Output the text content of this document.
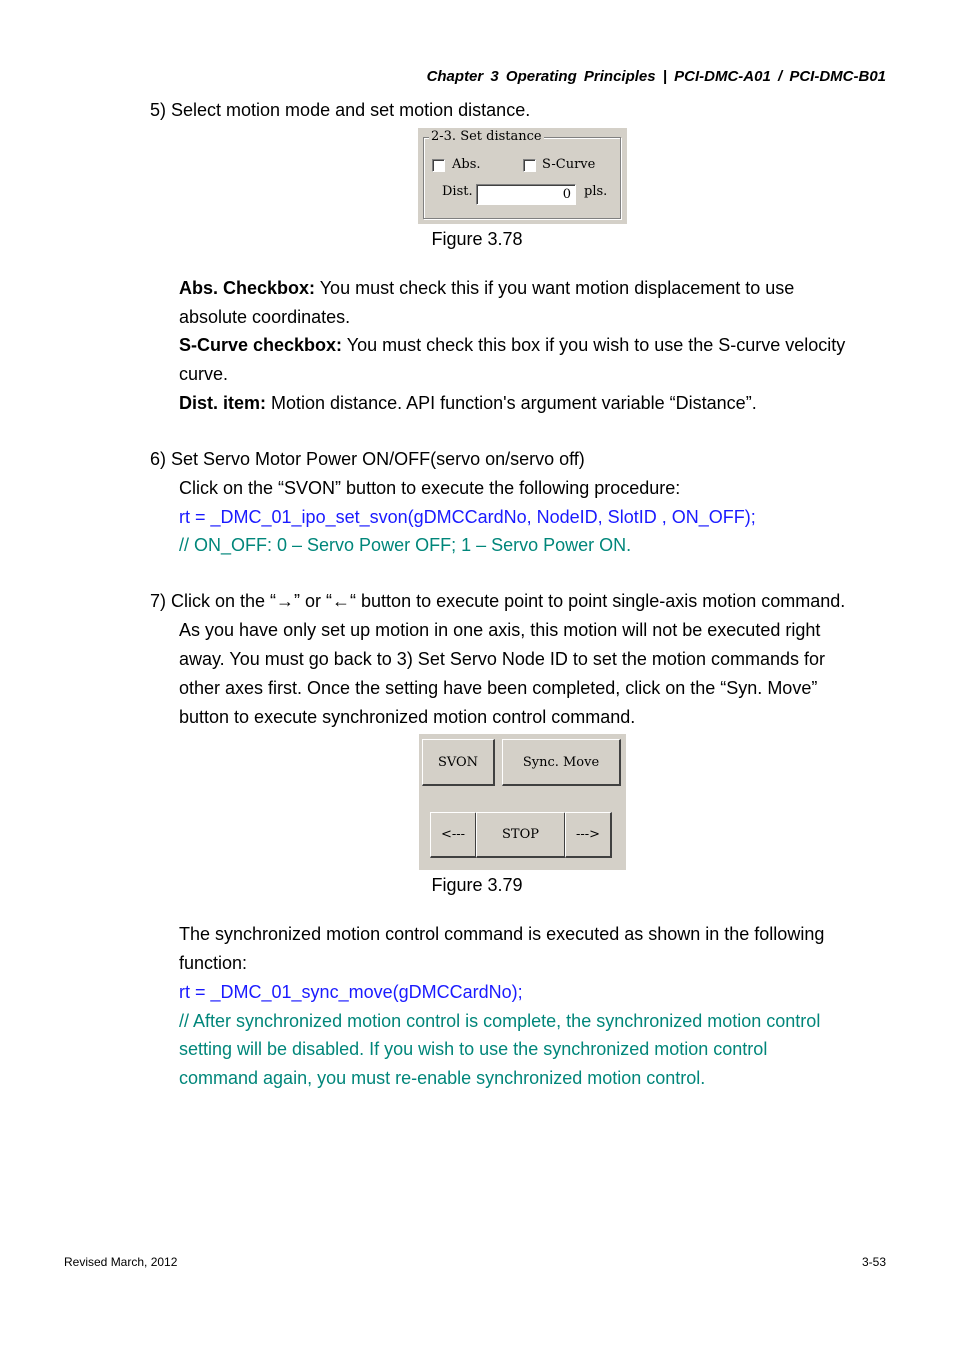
Chapter 3 Operating Principles | PCI-DMC-A01 / PCI-DMC-B01
5) Select motion mode and set motion distance.
2-3. Set distance
Abs.	S-Curve
Dist.	0	pls.
Figure 3.78
Abs. Checkbox: You must check this if you want motion displacement to use
absolute coordinates.
S-Curve checkbox: You must check this box if you wish to use the S-curve velocity
curve.
Dist. item: Motion distance. API function's argument variable “Distance”.
6) Set Servo Motor Power ON/OFF(servo on/servo off)
Click on the “SVON” button to execute the following procedure:
rt = _DMC_01_ipo_set_svon(gDMCCardNo, NodeID, SlotID , ON_OFF);
// ON_OFF: 0 – Servo Power OFF; 1 – Servo Power ON.
7) Click on the “→” or “←“ button to execute point to point single-axis motion command.
As you have only set up motion in one axis, this motion will not be executed right
away. You must go back to 3) Set Servo Node ID to set the motion commands for
other axes first. Once the setting have been completed, click on the “Syn. Move”
button to execute synchronized motion control command.
SVON	Sync. Move
<---	STOP	--->
Figure 3.79
The synchronized motion control command is executed as shown in the following
function:
rt = _DMC_01_sync_move(gDMCCardNo);
// After synchronized motion control is complete, the synchronized motion control
setting will be disabled. If you wish to use the synchronized motion control
command again, you must re-enable synchronized motion control.
Revised March, 2012	3-53
